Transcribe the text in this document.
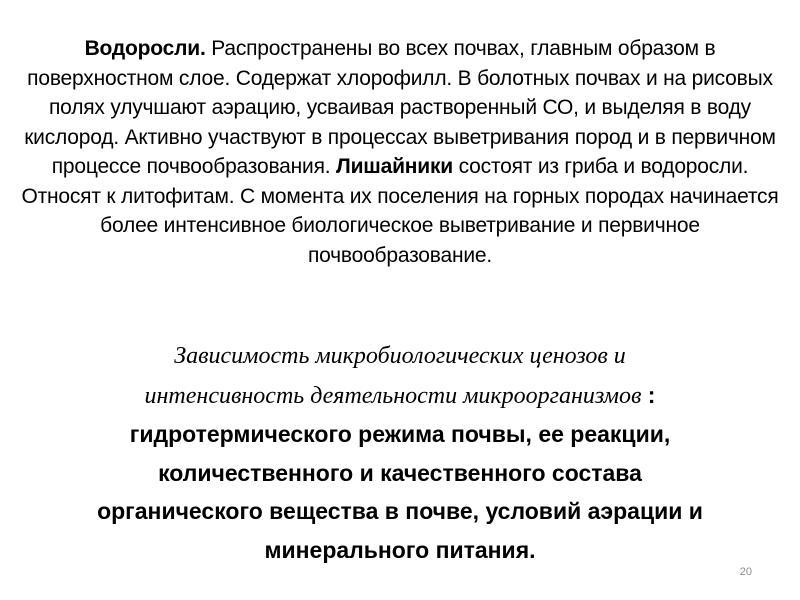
Водоросли. Распространены во всех почвах, главным образом в поверхностном слое. Содержат хлорофилл. В болотных почвах и на рисовых полях улучшают аэрацию, усваивая растворенный СО, и выделяя в воду кислород. Активно участвуют в процессах выветривания пород и в первичном процессе почвообразования. Лишайники состоят из гриба и водоросли. Относят к литофитам. С момента их поселения на горных породах начинается более интенсивное биологическое выветривание и первичное почвообразование.
Зависимость микробиологических ценозов и
интенсивность деятельности микроорганизмов :
гидротермического режима почвы, ее реакции,
количественного и качественного состава
органического вещества в почве, условий аэрации и
минерального питания.
20
